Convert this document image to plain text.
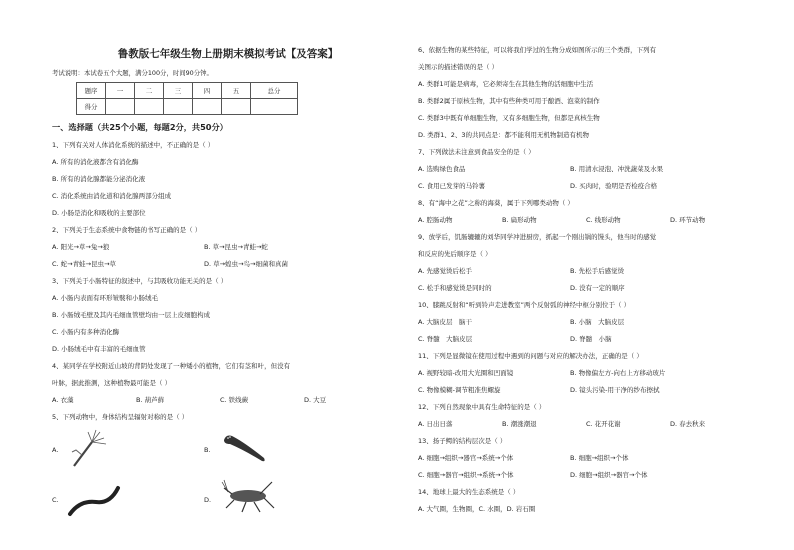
鲁教版七年级生物上册期末模拟考试【及答案】
考试说明：本试卷五个大题，满分100分，时间90分钟。
题序	一	二	三	四	五	总分
得分						
一、选择题（共25个小题，每题2分，共50分）
1、下列有关对人体消化系统的描述中，不正确的是（ ）
A. 所有的消化液都含有消化酶
B. 所有的消化腺都能分泌消化液
C. 消化系统由消化道和消化腺两部分组成
D. 小肠是消化和吸收的主要部位
2、下列关于生态系统中食物链的书写正确的是（ ）
A. 阳光→草→兔→狼	B. 草→昆虫→青蛙→蛇
C. 蛇→青蛙→昆虫→草	D. 草→蝗虫→鸟→细菌和真菌
3、下列关于小肠特征的叙述中，与其吸收功能无关的是（ ）
A. 小肠内表面有环形皱襞和小肠绒毛
B. 小肠绒毛壁及其内毛细血管壁均由一层上皮细胞构成
C. 小肠内有多种消化酶
D. 小肠绒毛中有丰富的毛细血管
4、某同学在学校附近山坡的背阴处发现了一种矮小的植物，它们有茎和叶，但没有
叶脉，据此推测，这种植物最可能是（ ）
A. 衣藻	B. 葫芦藓	C. 铁线蕨	D. 大豆
5、下列动物中，身体结构呈辐射对称的是（ ）
A.	B.
C.	D.
6、依据生物的某些特征，可以将我们学过的生物分成如图所示的三个类群，下列有
关图示的描述错误的是（ ）
A. 类群1可能是病毒，它必须寄生在其他生物的活细胞中生活
B. 类群2属于原核生物，其中有些种类可用于酿酒、泡菜的制作
C. 类群3中既有单细胞生物，又有多细胞生物，但都是真核生物
D. 类群1、2、3的共同点是：都不能利用无机物制造有机物
7、下列做法未注意到食品安全的是（ ）
A. 选购绿色食品	B. 用清水浸泡、冲洗蔬菜及水果
C. 食用已发芽的马铃薯	D. 买肉时，验明是否检疫合格
8、有“海中之花”之称的海葵，属于下列哪类动物（ ）
A. 腔肠动物	B. 扁形动物	C. 线形动物	D. 环节动物
9、放学后，饥肠辘辘的刘华同学冲进厨房，抓起一个刚出锅的馒头，他当时的感觉
和反应的先后顺序是（ ）
A. 先感觉烫后松手	B. 先松手后感觉烫
C. 松手和感觉烫是同时的	D. 没有一定的顺序
10、膝跳反射和“听到铃声走进教室”两个反射弧的神经中枢分别位于（ ）
A. 大脑皮层　脑干	B. 小脑　大脑皮层
C. 脊髓　大脑皮层	D. 脊髓　小脑
11、下列是显微镜在使用过程中遇到的问题与对应的解决办法，正确的是（ ）
A. 视野较暗-改用大光圈和凹面镜	B. 物像偏左方-向右上方移动玻片
C. 物像模糊-调节粗准焦螺旋	D. 镜头污染-用干净的纱布擦拭
12、下列自然现象中具有生命特征的是（ ）
A. 日出日落	B. 潮涨潮退	C. 花开花谢	D. 春去秋来
13、扬子鳄的结构层次是（ ）
A. 细胞→组织→器官→系统→个体	B. 细胞→组织→个体
C. 细胞→器官→组织→系统→个体	D. 细胞→组织→器官→个体
14、地球上最大的生态系统是（ ）
A. 大气圈，生物圈，C. 水圈，D. 岩石圈
